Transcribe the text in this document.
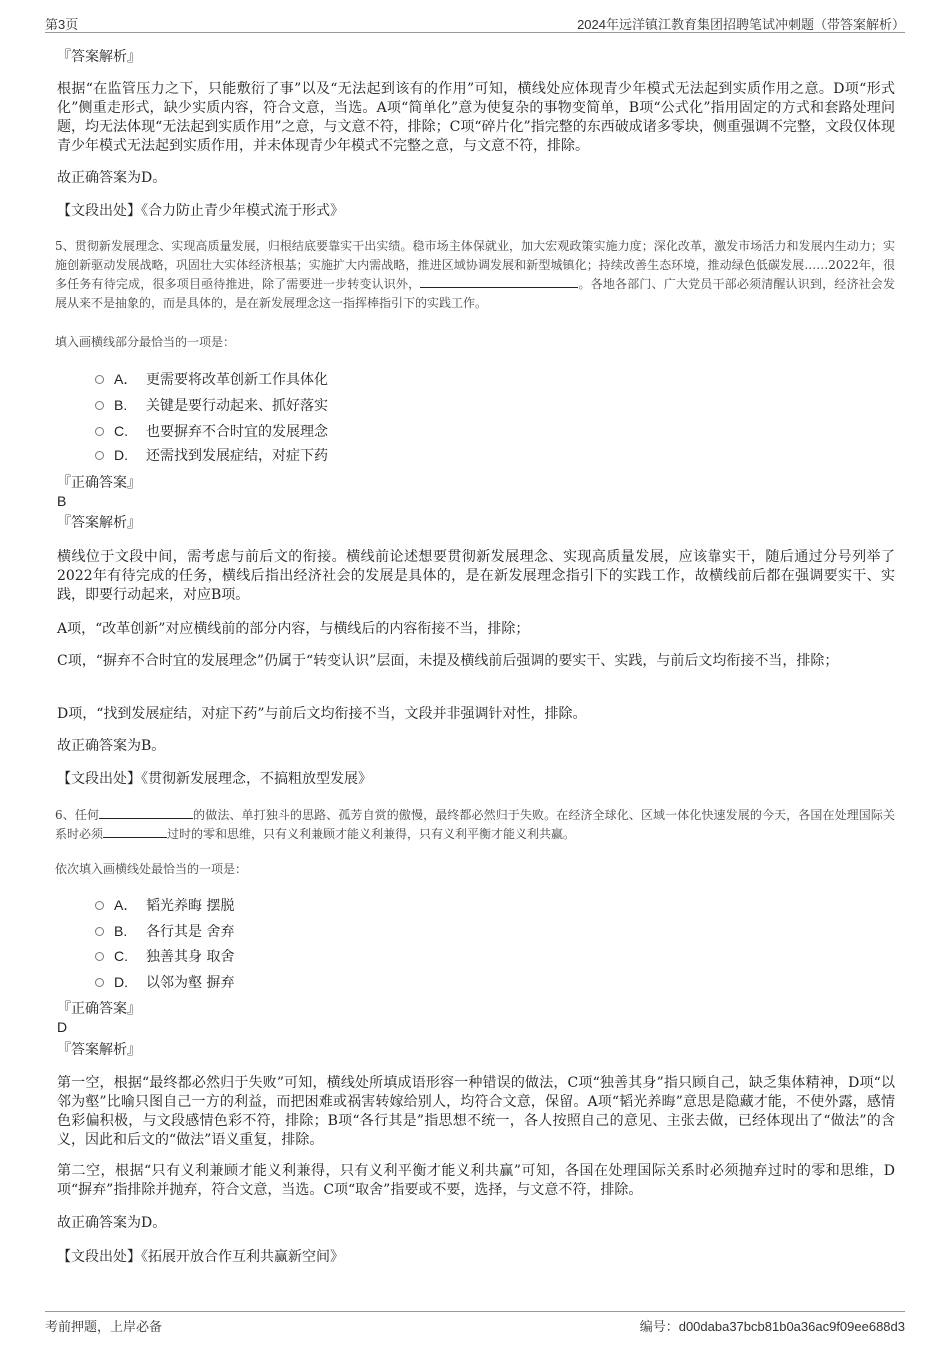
第3页	2024年远洋镇江教育集团招聘笔试冲刺题（带答案解析）
『答案解析』
根据“在监管压力之下，只能敷衍了事”以及“无法起到该有的作用”可知，横线处应体现青少年模式无法起到实质作用之意。D项“形式化”侧重走形式，缺少实质内容，符合文意，当选。A项“简单化”意为使复杂的事物变简单，B项“公式化”指用固定的方式和套路处理问题，均无法体现“无法起到实质作用”之意，与文意不符，排除；C项“碎片化”指完整的东西破成诸多零块，侧重强调不完整，文段仅体现青少年模式无法起到实质作用，并未体现青少年模式不完整之意，与文意不符，排除。
故正确答案为D。
【文段出处】《合力防止青少年模式流于形式》
5、贯彻新发展理念、实现高质量发展，归根结底要靠实干出实绩。稳市场主体保就业，加大宏观政策实施力度；深化改革，激发市场活力和发展内生动力；实施创新驱动发展战略，巩固壮大实体经济根基；实施扩大内需战略，推进区域协调发展和新型城镇化；持续改善生态环境，推动绿色低碳发展……2022年，很多任务有待完成，很多项目亟待推进，除了需要进一步转变认识外，	。各地各部门、广大党员干部必须清醒认识到，经济社会发展从来不是抽象的，而是具体的，是在新发展理念这一指挥棒指引下的实践工作。
填入画横线部分最恰当的一项是：
A． 更需要将改革创新工作具体化
B.	关键是要行动起来、抓好落实
C.	也要摒弃不合时宜的发展理念
D.	还需找到发展症结，对症下药
『正确答案』
B
『答案解析』
横线位于文段中间，需考虑与前后文的衔接。横线前论述想要贯彻新发展理念、实现高质量发展，应该靠实干，随后通过分号列举了2022年有待完成的任务，横线后指出经济社会的发展是具体的，是在新发展理念指引下的实践工作，故横线前后都在强调要实干、实践，即要行动起来，对应B项。
A项，“改革创新”对应横线前的部分内容，与横线后的内容衔接不当，排除；
C项，“摒弃不合时宜的发展理念”仍属于“转变认识”层面，未提及横线前后强调的要实干、实践，与前后文均衔接不当，排除；
D项，“找到发展症结，对症下药”与前后文均衔接不当，文段并非强调针对性，排除。
故正确答案为B。
【文段出处】《贯彻新发展理念，不搞粗放型发展》
6、任何	的做法、单打独斗的思路、孤芳自赏的傲慢，最终都必然归于失败。在经济全球化、区域一体化快速发展的今天，各国在处理国际关系时必须	过时的零和思维，只有义利兼顾才能义利兼得，只有义利平衡才能义利共赢。
依次填入画横线处最恰当的一项是：
A． 韬光养晦 摆脱
B.	各行其是 舍弃
C.	独善其身 取舍
D.	以邻为壑 摒弃
『正确答案』
D
『答案解析』
第一空，根据“最终都必然归于失败”可知，横线处所填成语形容一种错误的做法，C项“独善其身”指只顾自己，缺乏集体精神，D项“以邻为壑”比喻只图自己一方的利益，而把困难或祸害转嫁给别人，均符合文意，保留。A项“韬光养晦”意思是隐藏才能，不使外露，感情色彩偏积极，与文段感情色彩不符，排除；B项“各行其是”指思想不统一，各人按照自己的意见、主张去做，已经体现出了“做法”的含义，因此和后文的“做法”语义重复，排除。
第二空，根据“只有义利兼顾才能义利兼得，只有义利平衡才能义利共赢”可知，各国在处理国际关系时必须抛弃过时的零和思维，D项“摒弃”指排除并抛弃，符合文意，当选。C项“取舍”指要或不要，选择，与文意不符，排除。
故正确答案为D。
【文段出处】《拓展开放合作互利共赢新空间》
考前押题，上岸必备	编号：d00daba37bcb81b0a36ac9f09ee688d3
